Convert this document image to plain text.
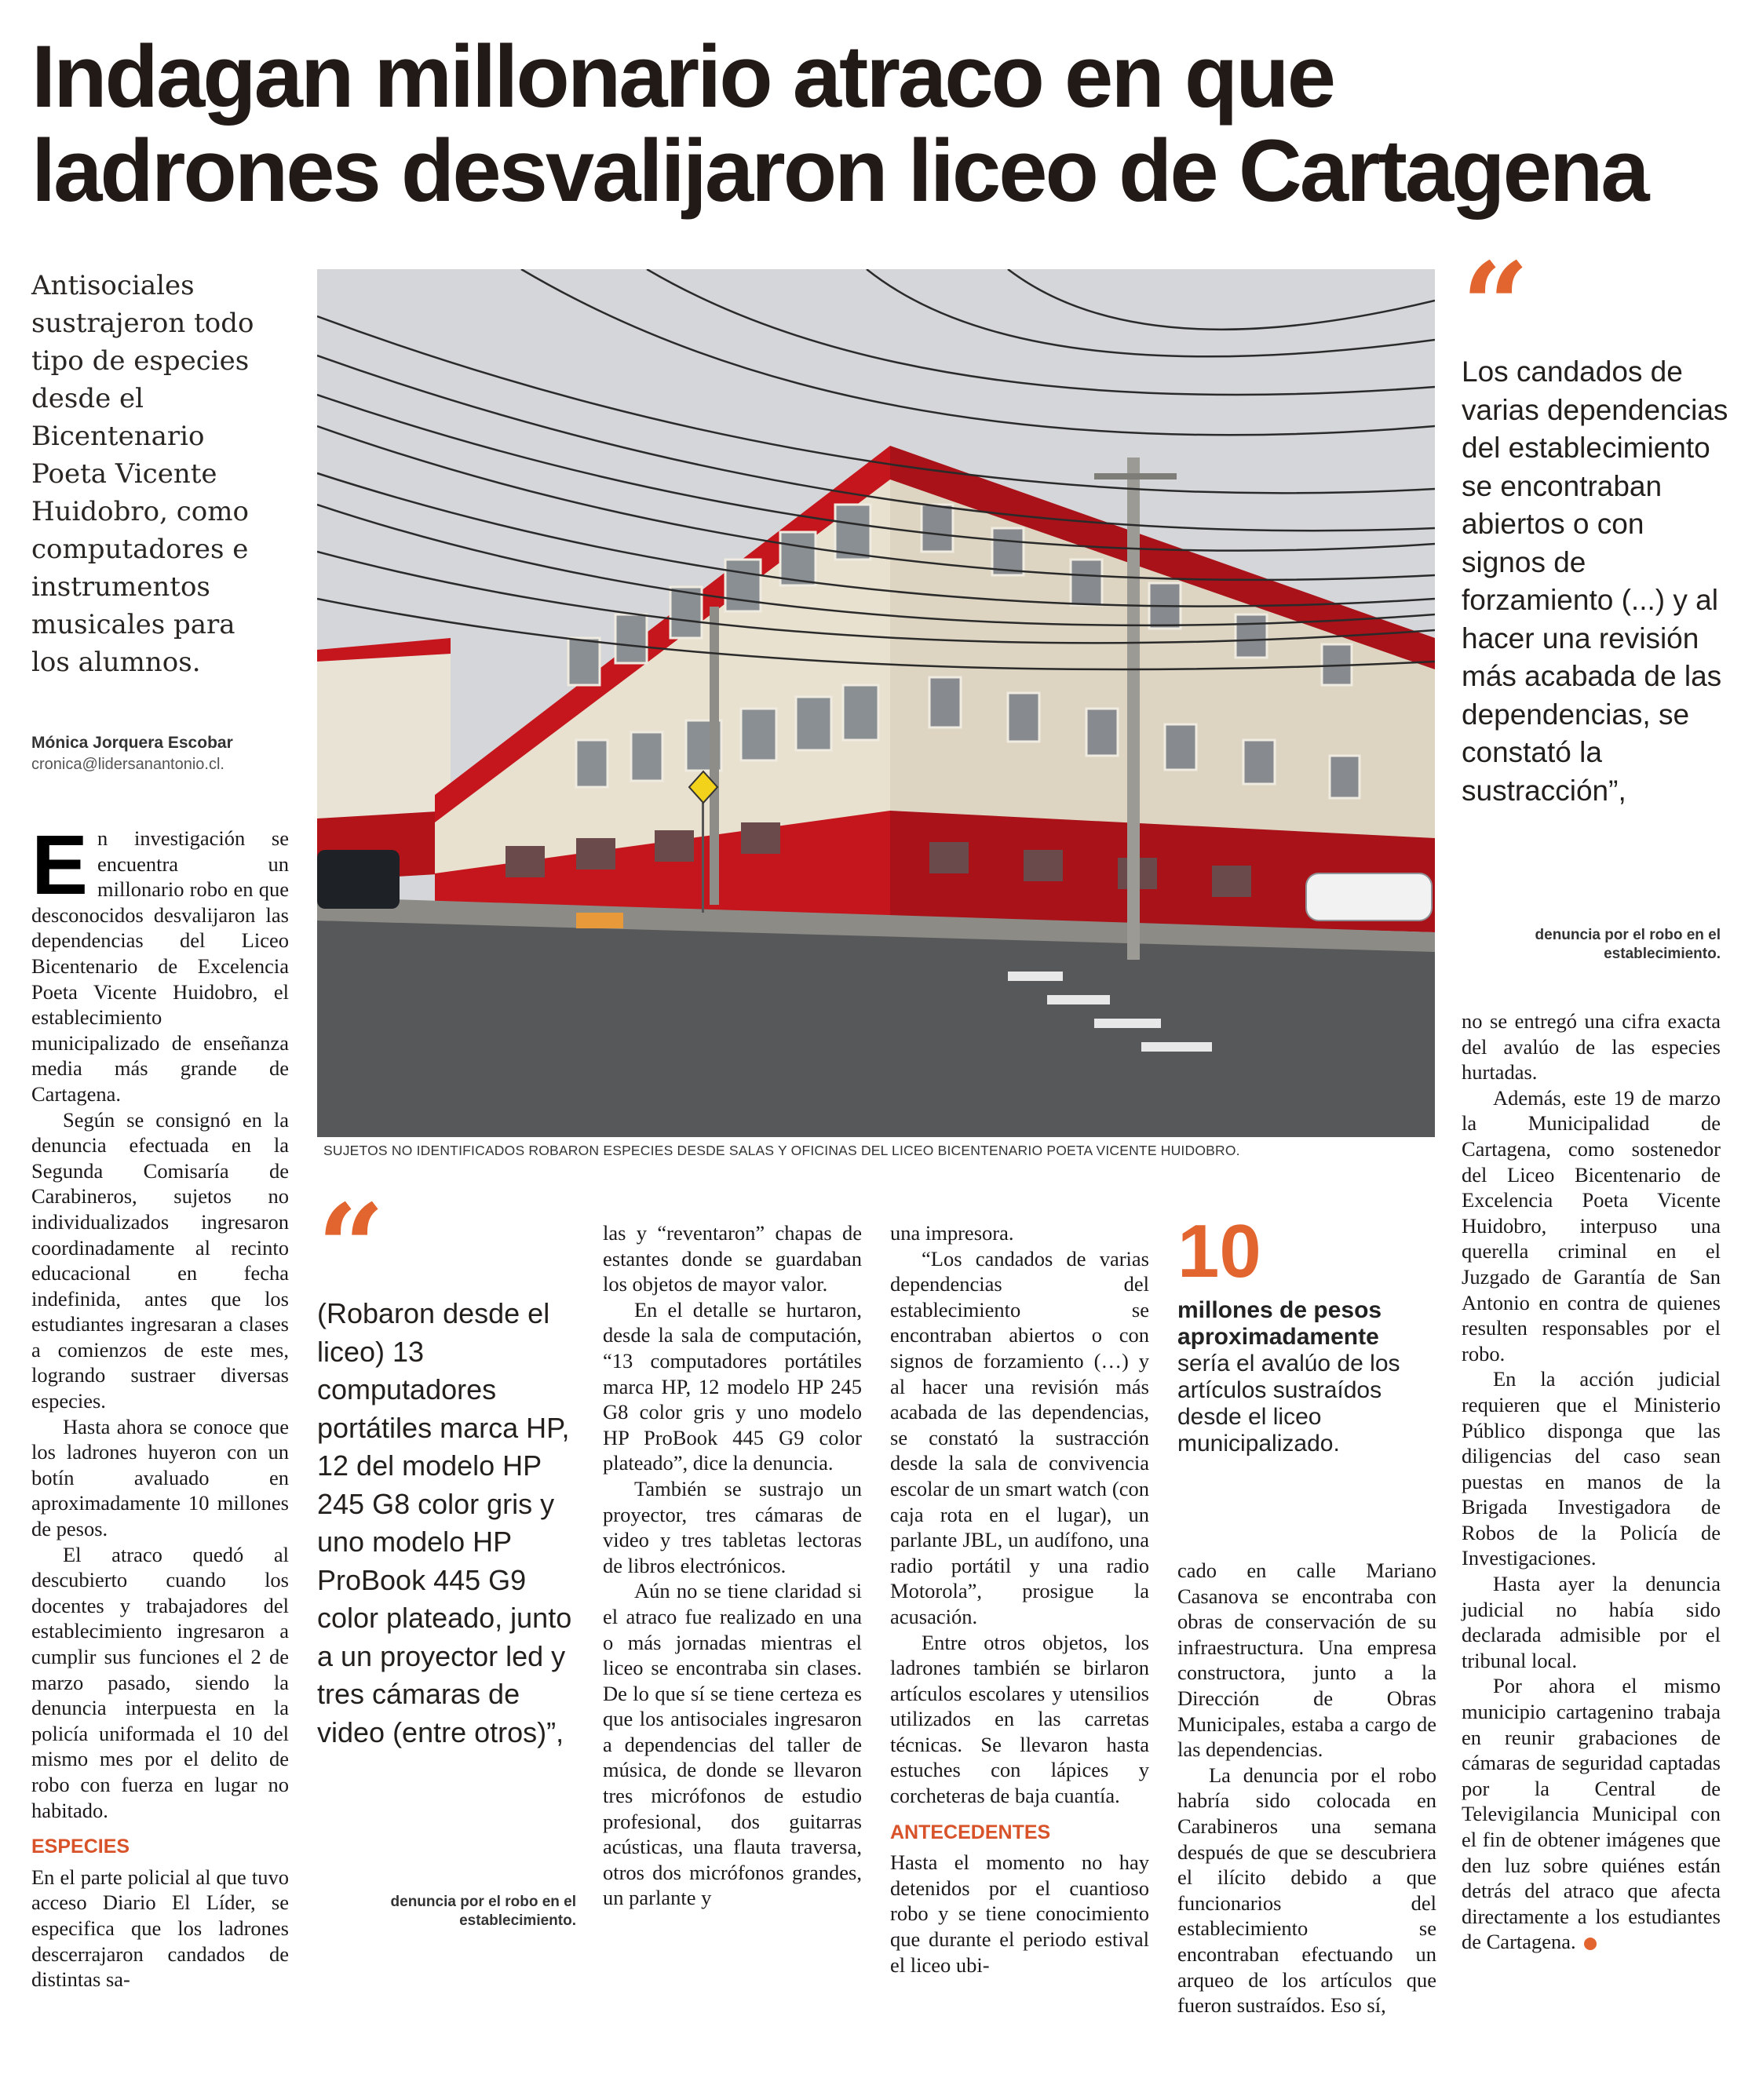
Indagan millonario atraco en que
ladrones desvalijaron liceo de Cartagena
Antisociales
sustrajeron todo
tipo de especies
desde el
Bicentenario
Poeta Vicente
Huidobro, como
computadores e
instrumentos
musicales para
los alumnos.
Mónica Jorquera Escobar
cronica@lidersanantonio.cl.
SUJETOS NO IDENTIFICADOS ROBARON ESPECIES DESDE SALAS Y OFICINAS DEL LICEO BICENTENARIO POETA VICENTE HUIDOBRO.
“
Los candados de varias dependencias del establecimiento se encontraban abiertos o con signos de forzamiento (...) y al hacer una revisión más acabada de las dependencias, se constató la sustracción”,
denuncia por el robo en el establecimiento.

En investigación se encuentra un millonario robo en que desconocidos desvalijaron las dependencias del Liceo Bicentenario de Excelencia Poeta Vicente Huidobro, el establecimiento municipalizado de enseñanza media más grande de Cartagena.

Según se consignó en la denuncia efectuada en la Segunda Comisaría de Carabineros, sujetos no individualizados ingresaron coordinadamente al recinto educacional en fecha indefinida, antes que los estudiantes ingresaran a clases a comienzos de este mes, logrando sustraer diversas especies.

Hasta ahora se conoce que los ladrones huyeron con un botín avaluado en aproximadamente 10 millones de pesos.

El atraco quedó al descubierto cuando los docentes y trabajadores del establecimiento ingresaron a cumplir sus funciones el 2 de marzo pasado, siendo la denuncia interpuesta en la policía uniformada el 10 del mismo mes por el delito de robo con fuerza en lugar no habitado.

ESPECIES

En el parte policial al que tuvo acceso Diario El Líder, se especifica que los ladrones descerrajaron candados de distintas sa-

“
(Robaron desde el liceo) 13 computadores portátiles marca HP, 12 del modelo HP 245 G8 color gris y uno modelo HP ProBook 445 G9 color plateado, junto a un proyector led y tres cámaras de video (entre otros)”,
denuncia por el robo en el establecimiento.

las y “reventaron” chapas de estantes donde se guardaban los objetos de mayor valor.

En el detalle se hurtaron, desde la sala de computación, “13 computadores portátiles marca HP, 12 modelo HP 245 G8 color gris y uno modelo HP ProBook 445 G9 color plateado”, dice la denuncia.

También se sustrajo un proyector, tres cámaras de video y tres tabletas lectoras de libros electrónicos.

Aún no se tiene claridad si el atraco fue realizado en una o más jornadas mientras el liceo se encontraba sin clases. De lo que sí se tiene certeza es que los antisociales ingresaron a dependencias del taller de música, de donde se llevaron tres micrófonos de estudio profesional, dos guitarras acústicas, una flauta traversa, otros dos micrófonos grandes, un parlante y

una impresora.

“Los candados de varias dependencias del establecimiento se encontraban abiertos o con signos de forzamiento (…) y al hacer una revisión más acabada de las dependencias, se constató la sustracción desde la sala de convivencia escolar de un smart watch (con caja rota en el lugar), un parlante JBL, un audífono, una radio portátil y una radio Motorola”, prosigue la acusación.

Entre otros objetos, los ladrones también se birlaron artículos escolares y utensilios utilizados en las carretas técnicas. Se llevaron hasta estuches con lápices y corcheteras de baja cuantía.

ANTECEDENTES

Hasta el momento no hay detenidos por el cuantioso robo y se tiene conocimiento que durante el periodo estival el liceo ubi-

10
millones de pesos aproximadamente sería el avalúo de los artículos sustraídos desde el liceo municipalizado.

cado en calle Mariano Casanova se encontraba con obras de conservación de su infraestructura. Una empresa constructora, junto a la Dirección de Obras Municipales, estaba a cargo de las dependencias.

La denuncia por el robo habría sido colocada en Carabineros una semana después de que se descubriera el ilícito debido a que funcionarios del establecimiento se encontraban efectuando un arqueo de los artículos que fueron sustraídos. Eso sí,

no se entregó una cifra exacta del avalúo de las especies hurtadas.

Además, este 19 de marzo la Municipalidad de Cartagena, como sostenedor del Liceo Bicentenario de Excelencia Poeta Vicente Huidobro, interpuso una querella criminal en el Juzgado de Garantía de San Antonio en contra de quienes resulten responsables por el robo.

En la acción judicial requieren que el Ministerio Público disponga que las diligencias del caso sean puestas en manos de la Brigada Investigadora de Robos de la Policía de Investigaciones.

Hasta ayer la denuncia judicial no había sido declarada admisible por el tribunal local.

Por ahora el mismo municipio cartagenino trabaja en reunir grabaciones de cámaras de seguridad captadas por la Central de Televigilancia Municipal con el fin de obtener imágenes que den luz sobre quiénes están detrás del atraco que afecta directamente a los estudiantes de Cartagena.
